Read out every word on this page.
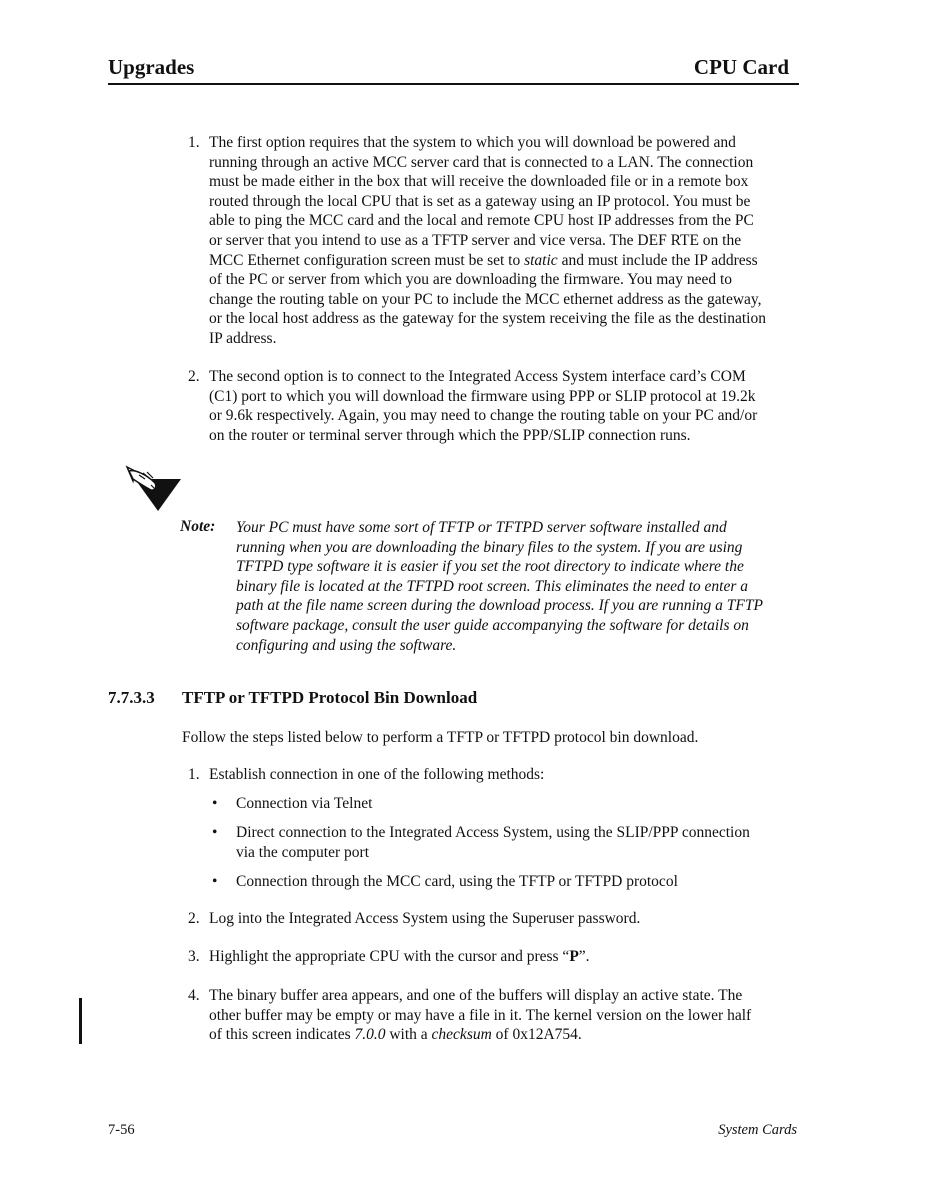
Upgrades	CPU Card
1. The first option requires that the system to which you will download be powered and
running through an active MCC server card that is connected to a LAN. The connection
must be made either in the box that will receive the downloaded file or in a remote box
routed through the local CPU that is set as a gateway using an IP protocol. You must be
able to ping the MCC card and the local and remote CPU host IP addresses from the PC
or server that you intend to use as a TFTP server and vice versa. The DEF RTE on the
MCC Ethernet configuration screen must be set to static and must include the IP address
of the PC or server from which you are downloading the firmware. You may need to
change the routing table on your PC to include the MCC ethernet address as the gateway,
or the local host address as the gateway for the system receiving the file as the destination
IP address.
2. The second option is to connect to the Integrated Access System interface card’s COM
(C1) port to which you will download the firmware using PPP or SLIP protocol at 19.2k
or 9.6k respectively. Again, you may need to change the routing table on your PC and/or
on the router or terminal server through which the PPP/SLIP connection runs.
Note: Your PC must have some sort of TFTP or TFTPD server software installed and
running when you are downloading the binary files to the system. If you are using
TFTPD type software it is easier if you set the root directory to indicate where the
binary file is located at the TFTPD root screen. This eliminates the need to enter a
path at the file name screen during the download process. If you are running a TFTP
software package, consult the user guide accompanying the software for details on
configuring and using the software.
7.7.3.3 TFTP or TFTPD Protocol Bin Download
Follow the steps listed below to perform a TFTP or TFTPD protocol bin download.
1. Establish connection in one of the following methods:
• Connection via Telnet
• Direct connection to the Integrated Access System, using the SLIP/PPP connection
via the computer port
• Connection through the MCC card, using the TFTP or TFTPD protocol
2. Log into the Integrated Access System using the Superuser password.
3. Highlight the appropriate CPU with the cursor and press “P”.
4. The binary buffer area appears, and one of the buffers will display an active state. The
other buffer may be empty or may have a file in it. The kernel version on the lower half
of this screen indicates 7.0.0 with a checksum of 0x12A754.
7-56	System Cards
